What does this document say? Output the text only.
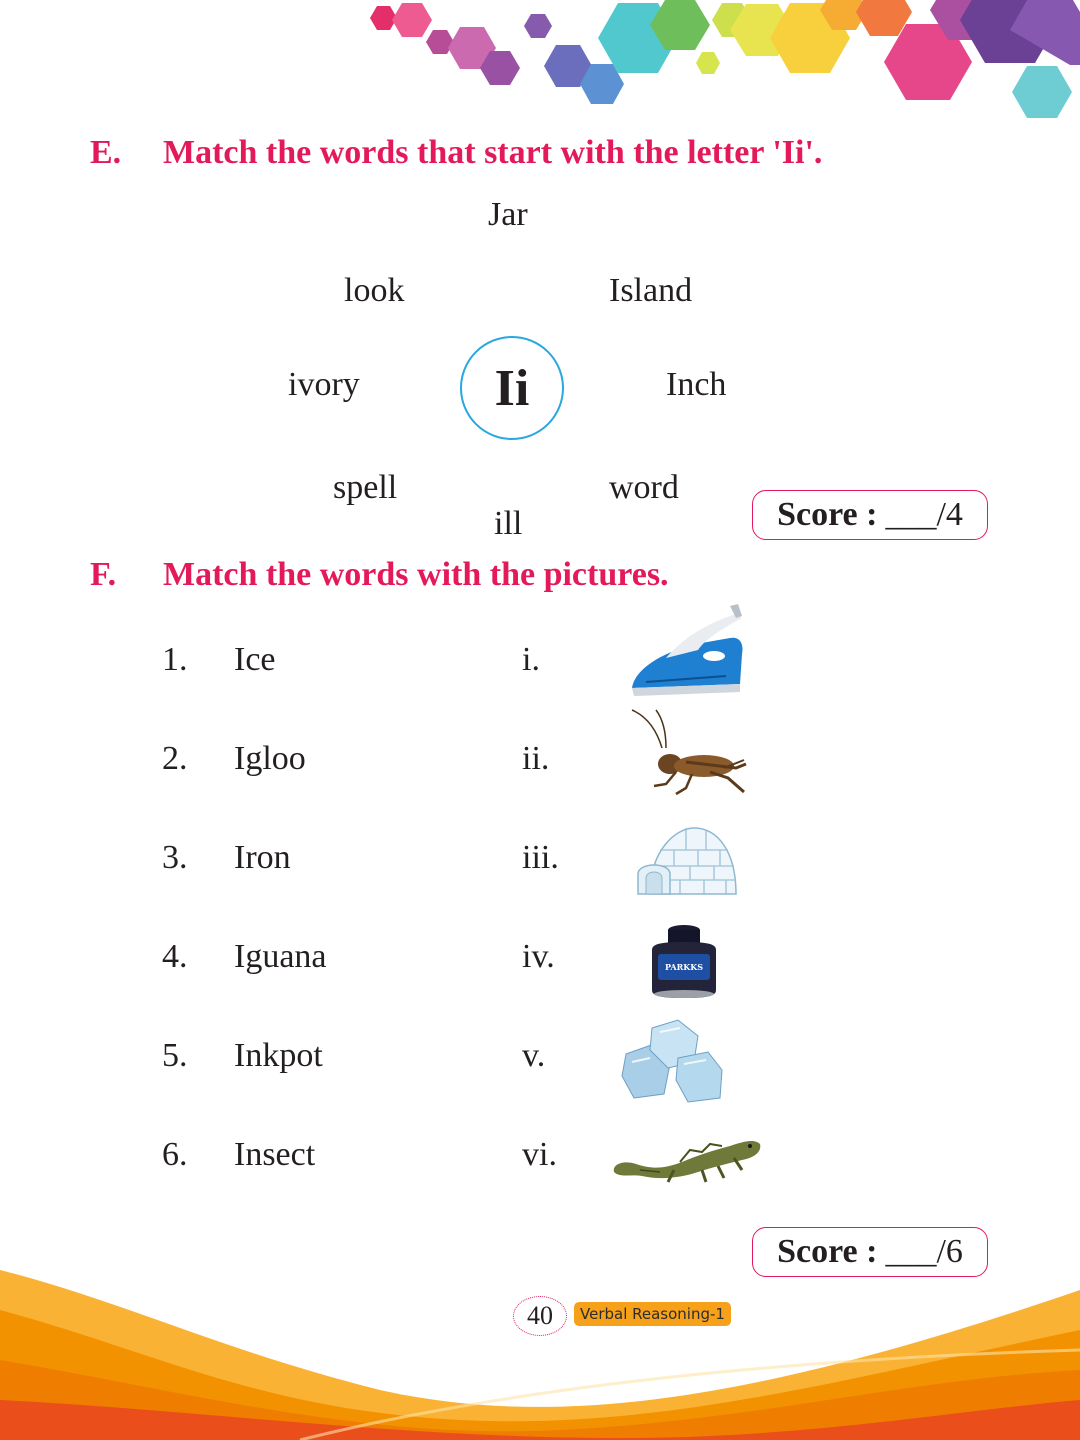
E. Match the words that start with the letter 'Ii'.
Jar
look	Island
ivory	Ii	Inch
spell	word
ill	Score : ___/4
F. Match the words with the pictures.
1. Ice	i.
2. Igloo	ii.
3. Iron	iii.
4. Iguana	iv.	PARKKS
5. Inkpot	v.
6. Insect	vi.
Score : ___/6
40	Verbal Reasoning-1
